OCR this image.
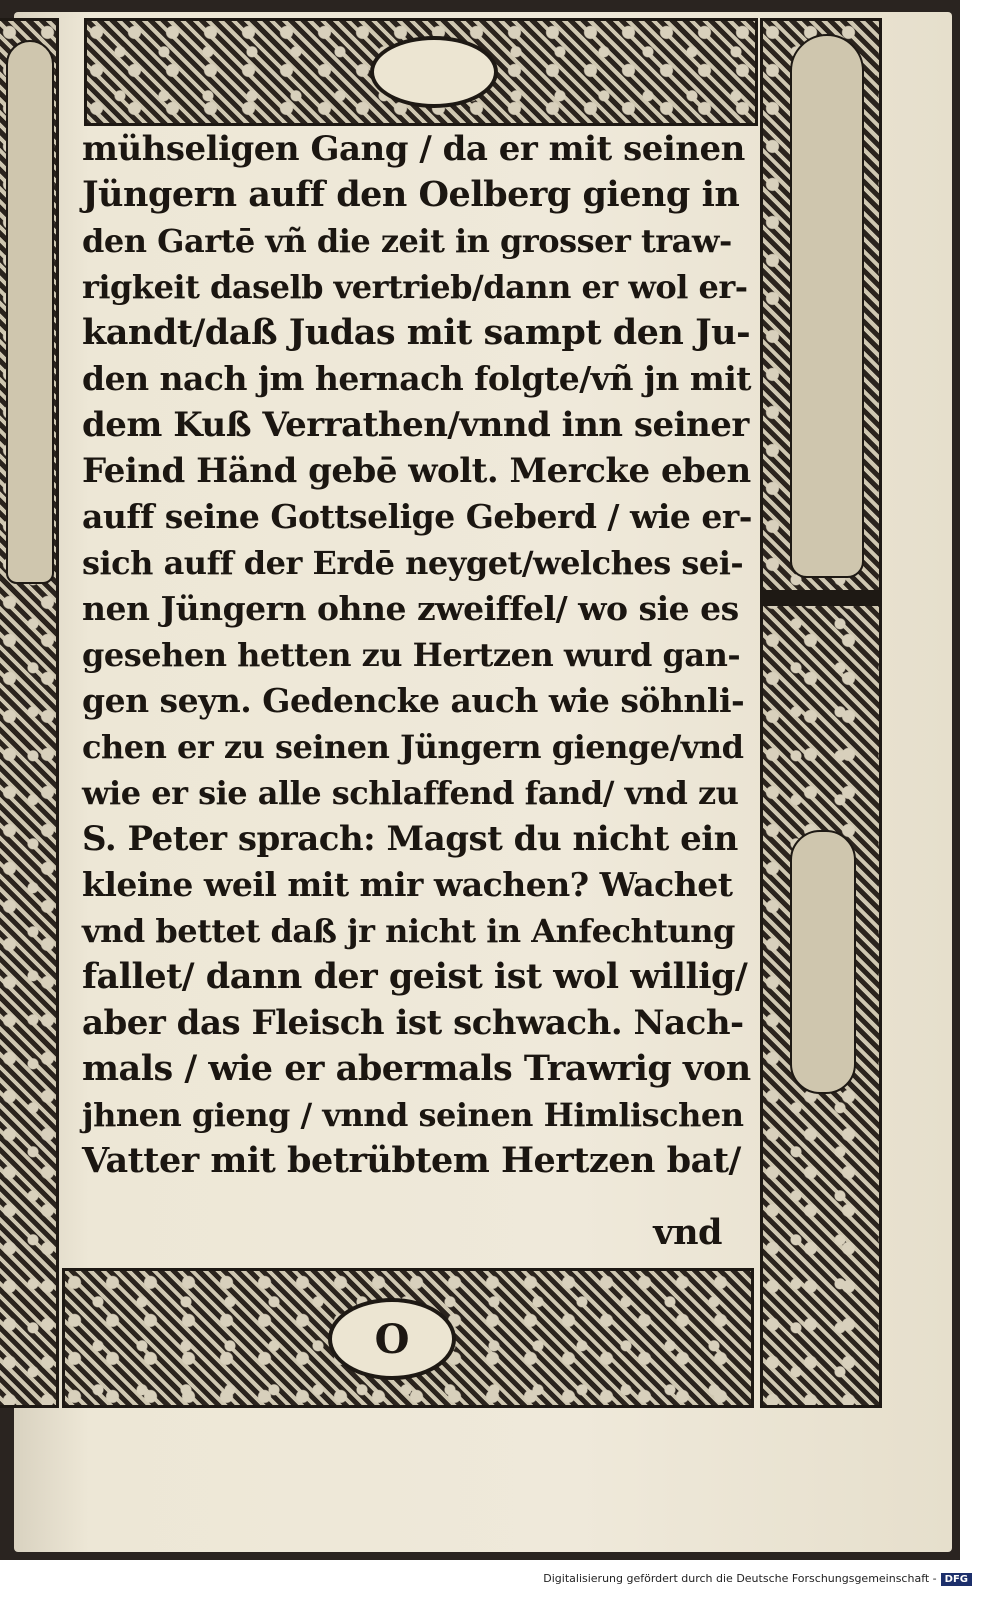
O
mühseligen Gang / da er mit seinen
Jüngern auff den Oelberg gieng in
den Gartē vñ die zeit in grosser traw-
rigkeit daselb vertrieb/dann er wol er-
kandt/daß Judas mit sampt den Ju-
den nach jm hernach folgte/vñ jn mit
dem Kuß Verrathen/vnnd inn seiner
Feind Händ gebē wolt. Mercke eben
auff seine Gottselige Geberd / wie er-
sich auff der Erdē neyget/welches sei-
nen Jüngern ohne zweiffel/ wo sie es
gesehen hetten zu Hertzen wurd gan-
gen seyn. Gedencke auch wie söhnli-
chen er zu seinen Jüngern gienge/vnd
wie er sie alle schlaffend fand/ vnd zu
S. Peter sprach: Magst du nicht ein
kleine weil mit mir wachen? Wachet
vnd bettet daß jr nicht in Anfechtung
fallet/ dann der geist ist wol willig/
aber das Fleisch ist schwach. Nach-
mals / wie er abermals Trawrig von
jhnen gieng / vnnd seinen Himlischen
Vatter mit betrübtem Hertzen bat/
vnd
Digitalisierung gefördert durch die Deutsche Forschungsgemeinschaft - DFG
